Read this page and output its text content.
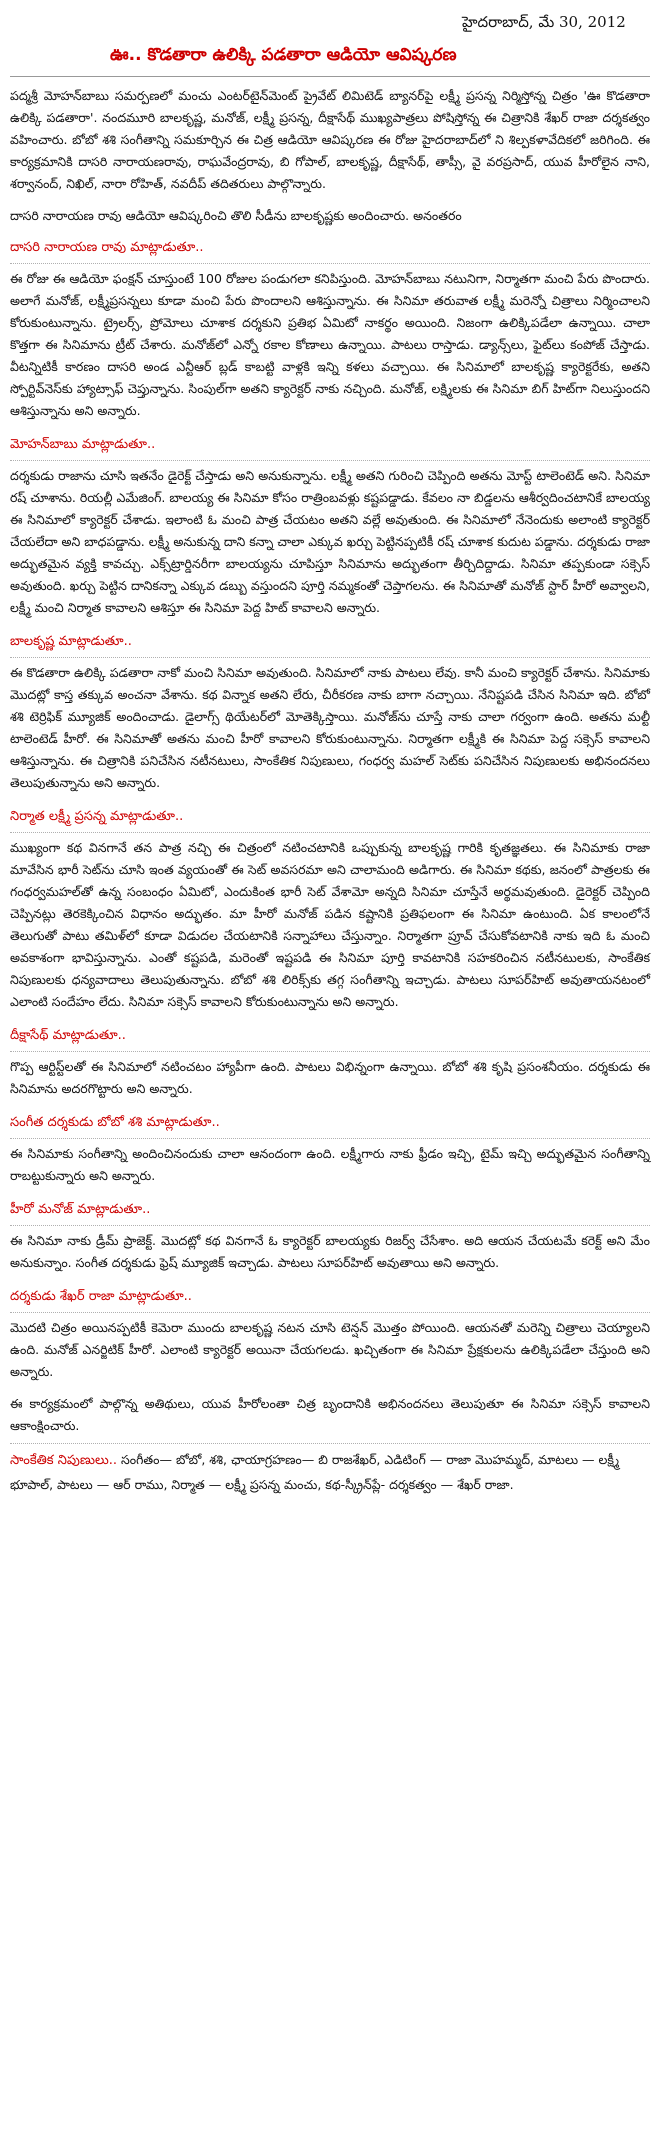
హైదరాబాద్, మే 30, 2012
ఊ.. కొడతారా ఉలిక్కి పడతారా ఆడియో ఆవిష్కరణ

పద్మశ్రీ మోహన్‌బాబు సమర్పణలో మంచు ఎంటర్‌టైన్‌మెంట్ ప్రైవేట్ లిమిటెడ్ బ్యానర్‌పై లక్ష్మీ ప్రసన్న నిర్మిస్తోన్న చిత్రం 'ఊ కొడతారా ఉలిక్కి పడతారా'. నందమూరి బాలకృష్ణ, మనోజ్, లక్ష్మీ ప్రసన్న, దీక్షాసేథ్ ముఖ్యపాత్రలు పోషిస్తోన్న ఈ చిత్రానికి శేఖర్ రాజా దర్శకత్వం వహించారు. బోబో శశి సంగీతాన్ని సమకూర్చిన ఈ చిత్ర ఆడియో ఆవిష్కరణ ఈ రోజు హైదరాబాద్‌లో ని శిల్పకళావేదికలో జరిగింది. ఈ కార్యక్రమానికి దాసరి నారాయణరావు, రాఘవేంద్రరావు, బి గోపాల్, బాలకృష్ణ, దీక్షాసేథ్, తాప్సీ, వై వరప్రసాద్, యువ హీరోలైన నాని, శర్వానంద్, నిఖిల్, నారా రోహిత్, నవదీప్ తదితరులు పాల్గొన్నారు.

దాసరి నారాయణ రావు ఆడియో ఆవిష్కరించి తొలి సీడీను బాలకృష్ణకు అందించారు. అనంతరం

దాసరి నారాయణ రావు మాట్లాడుతూ..

ఈ రోజు ఈ ఆడియో ఫంక్షన్ చూస్తుంటే 100 రోజుల పండుగలా కనిపిస్తుంది. మోహన్‌బాబు నటునిగా, నిర్మాతగా మంచి పేరు పొందారు. అలాగే మనోజ్, లక్ష్మీప్రసన్నలు కూడా మంచి పేరు పొందాలని ఆశిస్తున్నాను. ఈ సినిమా తరువాత లక్ష్మీ మరెన్నో చిత్రాలు నిర్మించాలని కోరుకుంటున్నాను. ట్రైలర్స్, ప్రోమోలు చూశాక దర్శకుని ప్రతిభ ఏమిటో నాకర్థం అయింది. నిజంగా ఉలిక్కిపడేలా ఉన్నాయి. చాలా కొత్తగా ఈ సినిమాను ట్రీట్ చేశారు. మనోజ్‌లో ఎన్నో రకాల కోణాలు ఉన్నాయి. పాటలు రాస్తాడు. డ్యాన్స్‌లు, ఫైట్‌లు కంపోజ్ చేస్తాడు. వీటన్నిటికీ కారణం దాసరి అండ ఎన్టీఆర్ బ్లడ్ కాబట్టి వాళ్లకి ఇన్ని కళలు వచ్చాయి. ఈ సినిమాలో బాలకృష్ణ క్యారెక్టరేకు, అతని స్పోర్టివ్‌నెస్‌కు హ్యాట్సాఫ్ చెప్తున్నాను. సింపుల్‌గా అతని క్యారెక్టర్ నాకు నచ్చింది. మనోజ్, లక్ష్మిలకు ఈ సినిమా బిగ్ హిట్‌గా నిలుస్తుందని ఆశిస్తున్నాను అని అన్నారు.

మోహన్‌బాబు మాట్లాడుతూ..

దర్శకుడు రాజాను చూసి ఇతనేం డైరెక్ట్ చేస్తాడు అని అనుకున్నాను. లక్ష్మీ అతని గురించి చెప్పింది అతను మోస్ట్ టాలెంటెడ్ అని. సినిమా రష్ చూశాను. రియల్లీ ఎమేజింగ్. బాలయ్య ఈ సినిమా కోసం రాత్రింబవళ్లు కష్టపడ్డాడు. కేవలం నా బిడ్డలను ఆశీర్వదించటానికే బాలయ్య ఈ సినిమాలో క్యారెక్టర్ చేశాడు. ఇలాంటి ఓ మంచి పాత్ర చేయటం అతని వల్లే అవుతుంది. ఈ సినిమాలో నేనెందుకు అలాంటి క్యారెక్టర్ చేయలేదా అని బాధపడ్డాను. లక్ష్మీ అనుకున్న దాని కన్నా చాలా ఎక్కువ ఖర్చు పెట్టినప్పటికీ రష్ చూశాక కుదుట పడ్డాను. దర్శకుడు రాజా అద్భుతమైన వ్యక్తి కావచ్చు. ఎక్స్‌ట్రార్డినరీగా బాలయ్యను చూపిస్తూ సినిమాను అద్భుతంగా తీర్చిదిద్దాడు. సినిమా తప్పకుండా సక్సెస్ అవుతుంది. ఖర్చు పెట్టిన దానికన్నా ఎక్కువ డబ్బు వస్తుందని పూర్తి నమ్మకంతో చెప్తాగలను. ఈ సినిమాతో మనోజ్ స్టార్ హీరో అవ్వాలని, లక్ష్మీ మంచి నిర్మాత కావాలని ఆశిస్తూ ఈ సినిమా పెద్ద హిట్ కావాలని అన్నారు.

బాలకృష్ణ మాట్లాడుతూ..

ఈ కొడతారా ఉలిక్కి పడతారా నాకో మంచి సినిమా అవుతుంది. సినిమాలో నాకు పాటలు లేవు. కానీ మంచి క్యారెక్టర్ చేశాను. సినిమాకు మొదట్లో కాస్త తక్కువ అంచనా వేశాను. కథ విన్నాక అతని లేరు, చీరీకరణ నాకు బాగా నచ్చాయి. నేనిష్టపడి చేసిన సినిమా ఇది. బోబో శశి టెర్రిఫిక్ మ్యూజిక్ అందించాడు. డైలాగ్స్ థియేటర్‌లో మోతెక్కిస్తాయి. మనోజ్‌ను చూస్తే నాకు చాలా గర్వంగా ఉంది. అతను మల్టీ టాలెంటెడ్ హీరో. ఈ సినిమాతో అతను మంచి హీరో కావాలని కోరుకుంటున్నాను. నిర్మాతగా లక్ష్మీకి ఈ సినిమా పెద్ద సక్సెస్ కావాలని ఆశిస్తున్నాను. ఈ చిత్రానికి పనిచేసిన నటీనటులు, సాంకేతిక నిపుణులు, గంధర్వ మహల్ సెట్‌కు పనిచేసిన నిపుణులకు అభినందనలు తెలుపుతున్నాను అని అన్నారు.

నిర్మాత లక్ష్మీ ప్రసన్న మాట్లాడుతూ..

ముఖ్యంగా కథ వినగానే తన పాత్ర నచ్చి ఈ చిత్రంలో నటించటానికి ఒప్పుకున్న బాలకృష్ణ గారికి కృతజ్ఞతలు. ఈ సినిమాకు రాజా మావేసిన భారీ సెట్‌ను చూసి ఇంత వ్యయంతో ఈ సెట్ అవసరమా అని చాలామంది అడిగారు. ఈ సినిమా కథకు, జనంలో పాత్రలకు ఈ గంధర్వమహల్‌తో ఉన్న సంబంధం ఏమిటో, ఎందుకింత భారీ సెట్ వేశామో అన్నది సినిమా చూస్తేనే అర్థమవుతుంది. డైరెక్టర్ చెప్పింది చెప్పినట్లు తెరకెక్కించిన విధానం అద్భుతం. మా హీరో మనోజ్ పడిన కష్టానికి ప్రతిఫలంగా ఈ సినిమా ఉంటుంది. ఏక కాలంలోనే తెలుగుతో పాటు తమిళ్‌లో కూడా విడుదల చేయటానికి సన్నాహాలు చేస్తున్నాం. నిర్మాతగా ప్రూవ్ చేసుకోవటానికి నాకు ఇది ఓ మంచి అవకాశంగా భావిస్తున్నాను. ఎంతో కష్టపడి, మరెంతో ఇష్టపడి ఈ సినిమా పూర్తి కావటానికి సహకరించిన నటీనటులకు, సాంకేతిక నిపుణులకు ధన్యవాదాలు తెలుపుతున్నాను. బోబో శశి లిరిక్స్‌కు తగ్గ సంగీతాన్ని ఇచ్చాడు. పాటలు సూపర్‌హిట్ అవుతాయనటంలో ఎలాంటి సందేహం లేదు. సినిమా సక్సెస్ కావాలని కోరుకుంటున్నాను అని అన్నారు.

దీక్షాసేథ్ మాట్లాడుతూ..

గొప్ప ఆర్టిస్ట్‌లతో ఈ సినిమాలో నటించటం హ్యాపీగా ఉంది. పాటలు విభిన్నంగా ఉన్నాయి. బోబో శశి కృషి ప్రసంశనీయం. దర్శకుడు ఈ సినిమాను అదరగొట్టారు అని అన్నారు.

సంగీత దర్శకుడు బోబో శశి మాట్లాడుతూ..

ఈ సినిమాకు సంగీతాన్ని అందించినందుకు చాలా ఆనందంగా ఉంది. లక్ష్మీగారు నాకు ఫ్రీడం ఇచ్చి, టైమ్ ఇచ్చి అద్భుతమైన సంగీతాన్ని రాబట్టుకున్నారు అని అన్నారు.

హీరో మనోజ్ మాట్లాడుతూ..

ఈ సినిమా నాకు డ్రీమ్ ప్రాజెక్ట్. మొదట్లో కథ వినగానే ఓ క్యారెక్టర్ బాలయ్యకు రిజర్వ్ చేసేశాం. అది ఆయన చేయటమే కరెక్ట్ అని మేం అనుకున్నాం. సంగీత దర్శకుడు ఫ్రెష్ మ్యూజిక్ ఇచ్చాడు. పాటలు సూపర్‌హిట్ అవుతాయి అని అన్నారు.

దర్శకుడు శేఖర్ రాజా మాట్లాడుతూ..

మొదటి చిత్రం అయినప్పటికీ కెమెరా ముందు బాలకృష్ణ నటన చూసి టెన్షన్ మొత్తం పోయింది. ఆయనతో మరెన్ని చిత్రాలు చెయ్యాలని ఉంది. మనోజ్ ఎనర్జిటిక్ హీరో. ఎలాంటి క్యారెక్టర్ అయినా చేయగలడు. ఖచ్చితంగా ఈ సినిమా ప్రేక్షకులను ఉలిక్కిపడేలా చేస్తుంది అని అన్నారు.

ఈ కార్యక్రమంలో పాల్గొన్న అతిథులు, యువ హీరోలంతా చిత్ర బృందానికి అభినందనలు తెలుపుతూ ఈ సినిమా సక్సెస్ కావాలని ఆకాంక్షించారు.

సాంకేతిక నిపుణులు.. సంగీతం— బోబో, శశి, ఛాయాగ్రహణం— బి రాజశేఖర్, ఎడిటింగ్ — రాజా మొహమ్మద్, మాటలు — లక్ష్మీ భూపాల్, పాటలు — ఆర్ రాము, నిర్మాత — లక్ష్మీ ప్రసన్న మంచు, కథ-స్క్రీన్‌ప్లే- దర్శకత్వం — శేఖర్ రాజా.
